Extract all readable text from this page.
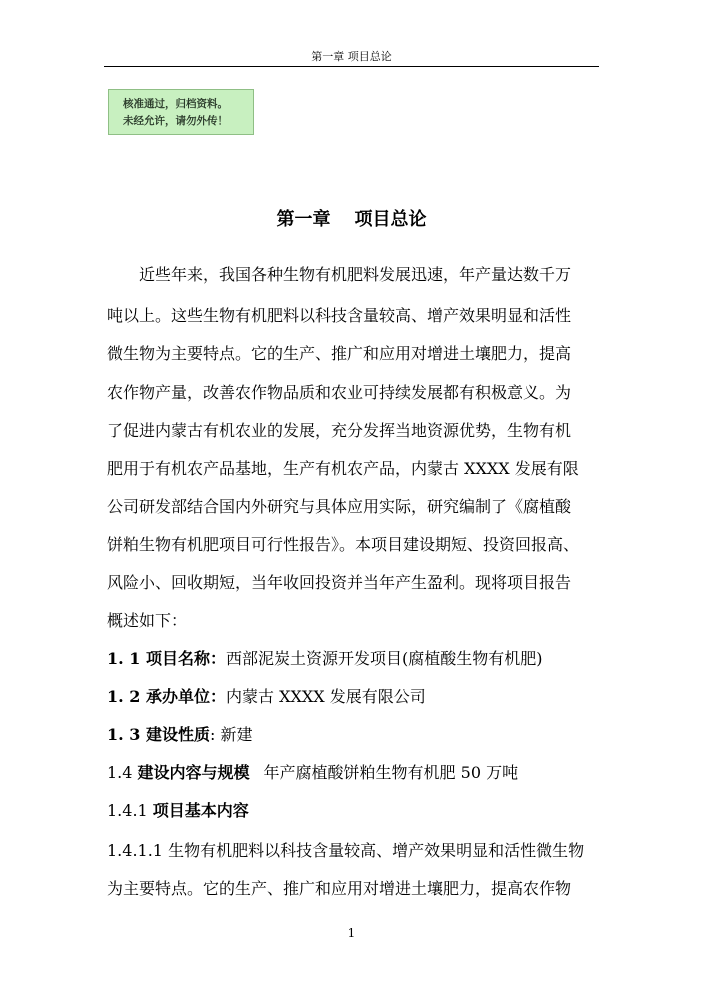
第一章 项目总论
核准通过，归档资料。
未经允许，请勿外传！
第一章 项目总论
近些年来，我国各种生物有机肥料发展迅速，年产量达数千万
吨以上。这些生物有机肥料以科技含量较高、增产效果明显和活性
微生物为主要特点。它的生产、推广和应用对增进土壤肥力，提高
农作物产量，改善农作物品质和农业可持续发展都有积极意义。为
了促进内蒙古有机农业的发展，充分发挥当地资源优势，生物有机
肥用于有机农产品基地，生产有机农产品，内蒙古 XXXX 发展有限
公司研发部结合国内外研究与具体应用实际，研究编制了《腐植酸
饼粕生物有机肥项目可行性报告》。本项目建设期短、投资回报高、
风险小、回收期短，当年收回投资并当年产生盈利。现将项目报告
概述如下：
1. 1 项目名称：西部泥炭土资源开发项目(腐植酸生物有机肥)
1. 2 承办单位：内蒙古 XXXX 发展有限公司
1. 3 建设性质: 新建
1.4 建设内容与规模 年产腐植酸饼粕生物有机肥 50 万吨
1.4.1 项目基本内容
1.4.1.1 生物有机肥料以科技含量较高、增产效果明显和活性微生物
为主要特点。它的生产、推广和应用对增进土壤肥力，提高农作物
1
